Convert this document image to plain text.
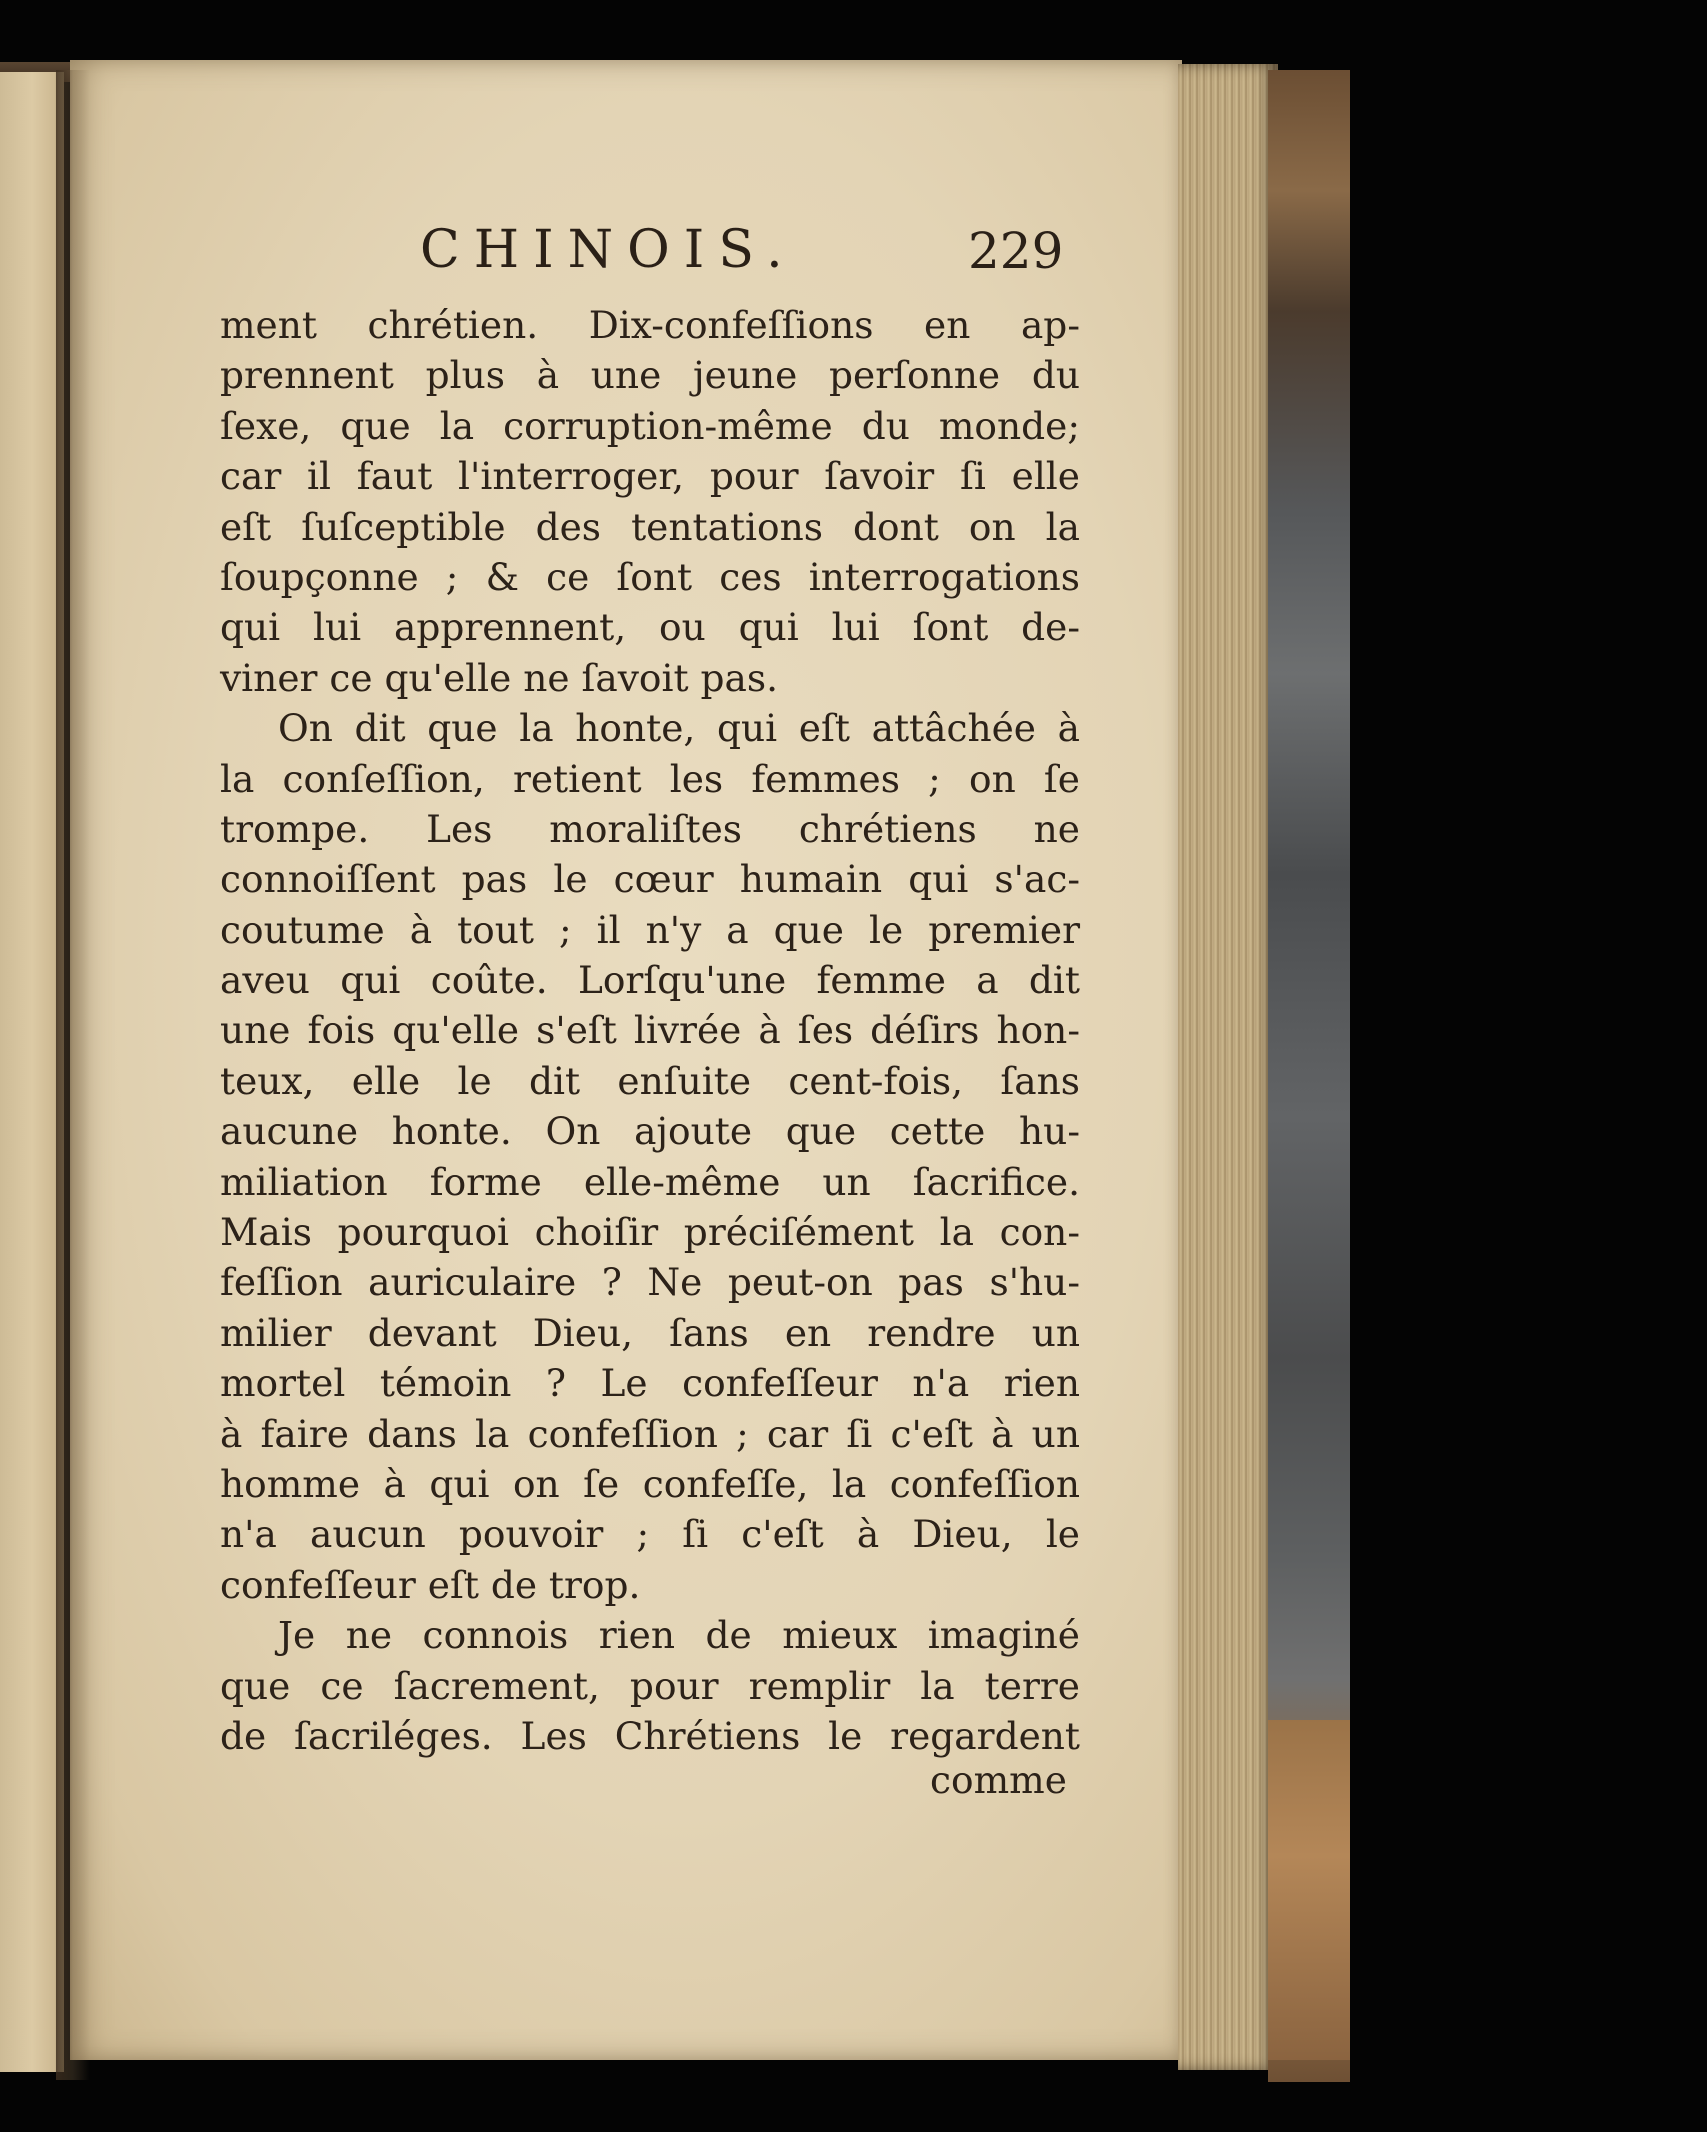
CHINOIS.	229

ment chrétien. Dix-confeſſions en ap-
prennent plus à une jeune perſonne du
ſexe, que la corruption-même du monde;
car il faut l'interroger, pour ſavoir ſi elle
eſt ſuſceptible des tentations dont on la
ſoupçonne ; & ce ſont ces interrogations
qui lui apprennent, ou qui lui ſont de-
viner ce qu'elle ne ſavoit pas.
On dit que la honte, qui eſt attâchée à
la conſeſſion, retient les femmes ; on ſe
trompe. Les moraliſtes chrétiens ne
connoiſſent pas le cœur humain qui s'ac-
coutume à tout ; il n'y a que le premier
aveu qui coûte. Lorſqu'une femme a dit
une fois qu'elle s'eſt livrée à ſes déſirs hon-
teux, elle le dit enſuite cent-fois, ſans
aucune honte. On ajoute que cette hu-
miliation forme elle-même un ſacrifice.
Mais pourquoi choiſir préciſément la con-
feſſion auriculaire ? Ne peut-on pas s'hu-
milier devant Dieu, ſans en rendre un
mortel témoin ? Le confeſſeur n'a rien
à faire dans la confeſſion ; car ſi c'eſt à un
homme à qui on ſe confeſſe, la confeſſion
n'a aucun pouvoir ; ſi c'eſt à Dieu, le
confeſſeur eſt de trop.
Je ne connois rien de mieux imaginé
que ce ſacrement, pour remplir la terre
de ſacriléges. Les Chrétiens le regardent

comme
